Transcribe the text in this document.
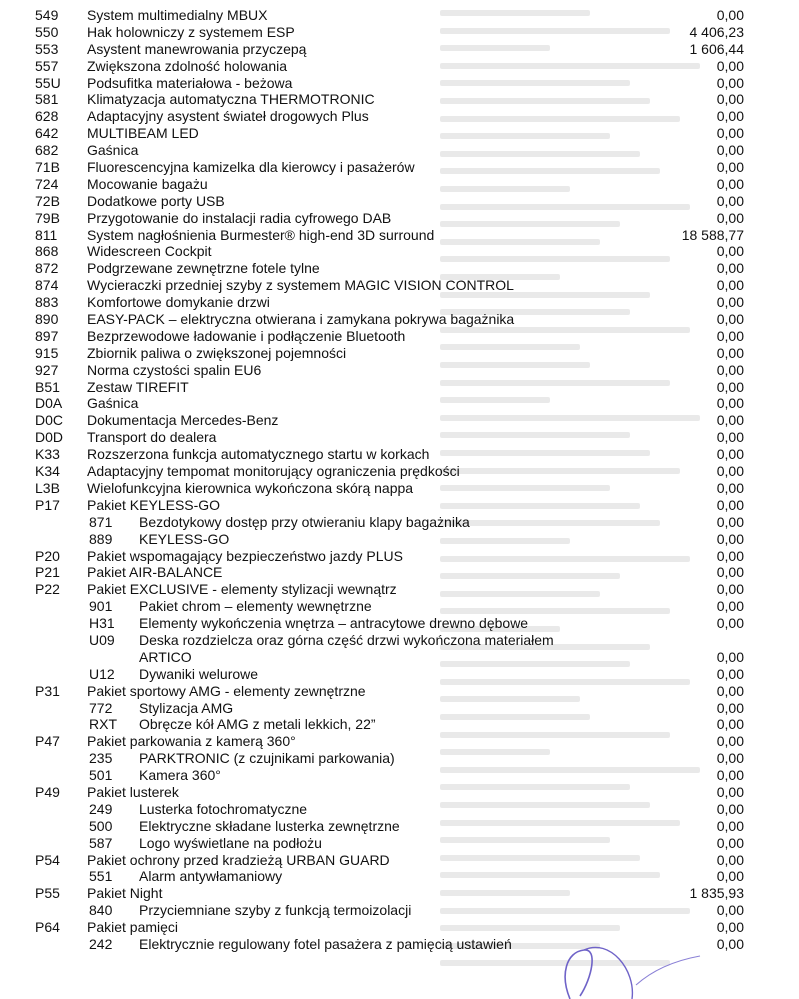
549 System multimedialny MBUX	0,00
550 Hak holowniczy z systemem ESP	4 406,23
553 Asystent manewrowania przyczepą	1 606,44
557 Zwiększona zdolność holowania	0,00
55U Podsufitka materiałowa - beżowa	0,00
581 Klimatyzacja automatyczna THERMOTRONIC	0,00
628 Adaptacyjny asystent świateł drogowych Plus	0,00
642 MULTIBEAM LED	0,00
682 Gaśnica	0,00
71B Fluorescencyjna kamizelka dla kierowcy i pasażerów	0,00
724 Mocowanie bagażu	0,00
72B Dodatkowe porty USB	0,00
79B Przygotowanie do instalacji radia cyfrowego DAB	0,00
811 System nagłośnienia Burmester® high-end 3D surround	18 588,77
868 Widescreen Cockpit	0,00
872 Podgrzewane zewnętrzne fotele tylne	0,00
874 Wycieraczki przedniej szyby z systemem MAGIC VISION CONTROL	0,00
883 Komfortowe domykanie drzwi	0,00
890 EASY-PACK – elektryczna otwierana i zamykana pokrywa bagażnika	0,00
897 Bezprzewodowe ładowanie i podłączenie Bluetooth	0,00
915 Zbiornik paliwa o zwiększonej pojemności	0,00
927 Norma czystości spalin EU6	0,00
B51 Zestaw TIREFIT	0,00
D0A Gaśnica	0,00
D0C Dokumentacja Mercedes-Benz	0,00
D0D Transport do dealera	0,00
K33 Rozszerzona funkcja automatycznego startu w korkach	0,00
K34 Adaptacyjny tempomat monitorujący ograniczenia prędkości	0,00
L3B Wielofunkcyjna kierownica wykończona skórą nappa	0,00
P17 Pakiet KEYLESS-GO	0,00
871 Bezdotykowy dostęp przy otwieraniu klapy bagażnika	0,00
889 KEYLESS-GO	0,00
P20 Pakiet wspomagający bezpieczeństwo jazdy PLUS	0,00
P21 Pakiet AIR-BALANCE	0,00
P22 Pakiet EXCLUSIVE - elementy stylizacji wewnątrz	0,00
901 Pakiet chrom – elementy wewnętrzne	0,00
H31 Elementy wykończenia wnętrza – antracytowe drewno dębowe	0,00
U09 Deska rozdzielcza oraz górna część drzwi wykończona materiałem ARTICO	0,00
U12 Dywaniki welurowe	0,00
P31 Pakiet sportowy AMG - elementy zewnętrzne	0,00
772 Stylizacja AMG	0,00
RXT Obręcze kół AMG z metali lekkich, 22”	0,00
P47 Pakiet parkowania z kamerą 360°	0,00
235 PARKTRONIC (z czujnikami parkowania)	0,00
501 Kamera 360°	0,00
P49 Pakiet lusterek	0,00
249 Lusterka fotochromatyczne	0,00
500 Elektryczne składane lusterka zewnętrzne	0,00
587 Logo wyświetlane na podłożu	0,00
P54 Pakiet ochrony przed kradzieżą URBAN GUARD	0,00
551 Alarm antywłamaniowy	0,00
P55 Pakiet Night	1 835,93
840 Przyciemniane szyby z funkcją termoizolacji	0,00
P64 Pakiet pamięci	0,00
242 Elektrycznie regulowany fotel pasażera z pamięcią ustawień	0,00
